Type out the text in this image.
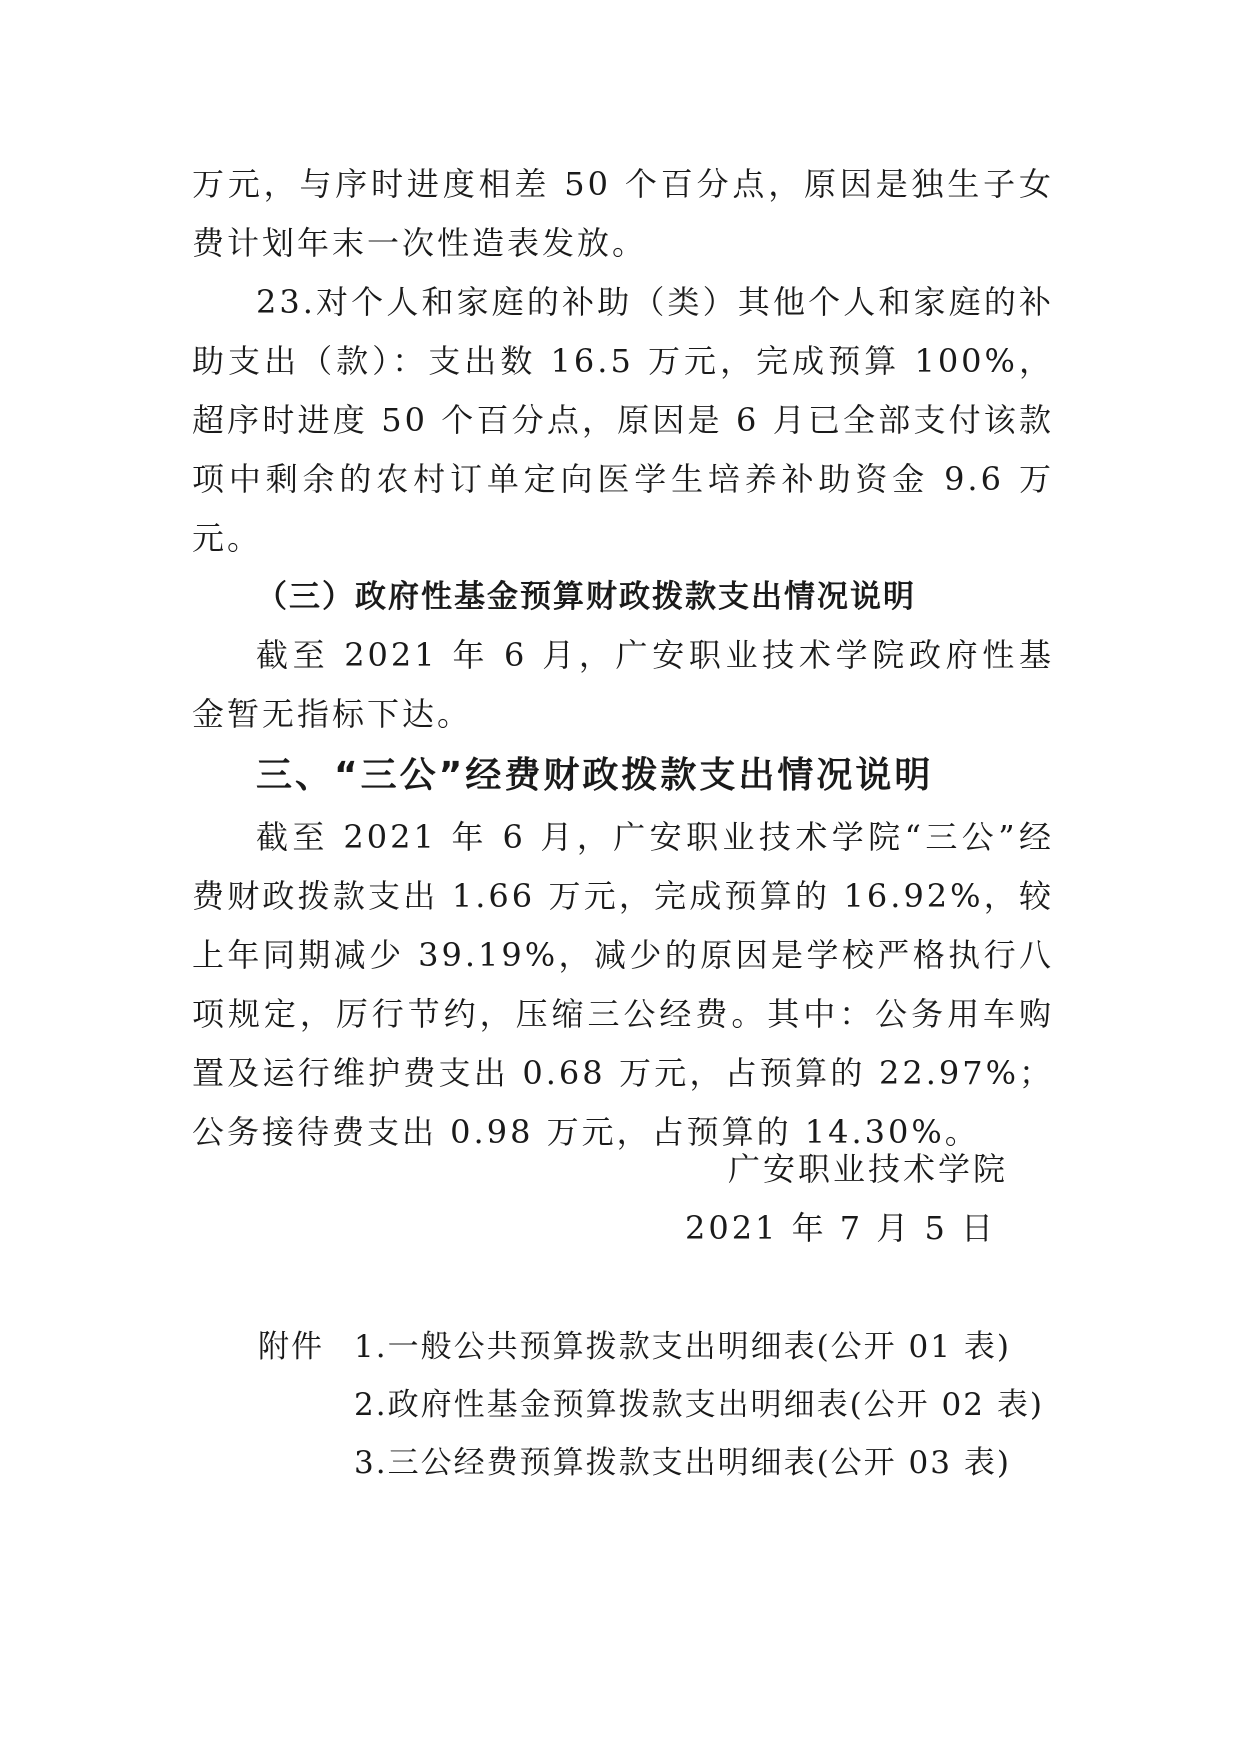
万元，与序时进度相差 50 个百分点，原因是独生子女费计划年末一次性造表发放。

23.对个人和家庭的补助（类）其他个人和家庭的补助支出（款）：支出数 16.5 万元，完成预算 100%，超序时进度 50 个百分点，原因是 6 月已全部支付该款项中剩余的农村订单定向医学生培养补助资金 9.6 万元。

（三）政府性基金预算财政拨款支出情况说明

截至 2021 年 6 月，广安职业技术学院政府性基金暂无指标下达。

三、“三公”经费财政拨款支出情况说明

截至 2021 年 6 月，广安职业技术学院“三公”经费财政拨款支出 1.66 万元，完成预算的 16.92%，较上年同期减少 39.19%，减少的原因是学校严格执行八项规定，厉行节约，压缩三公经费。其中：公务用车购置及运行维护费支出 0.68 万元，占预算的 22.97%；公务接待费支出 0.98 万元，占预算的 14.30%。

广安职业技术学院
2021 年 7 月 5 日
附件 1.一般公共预算拨款支出明细表(公开 01 表)
2.政府性基金预算拨款支出明细表(公开 02 表)
3.三公经费预算拨款支出明细表(公开 03 表)
